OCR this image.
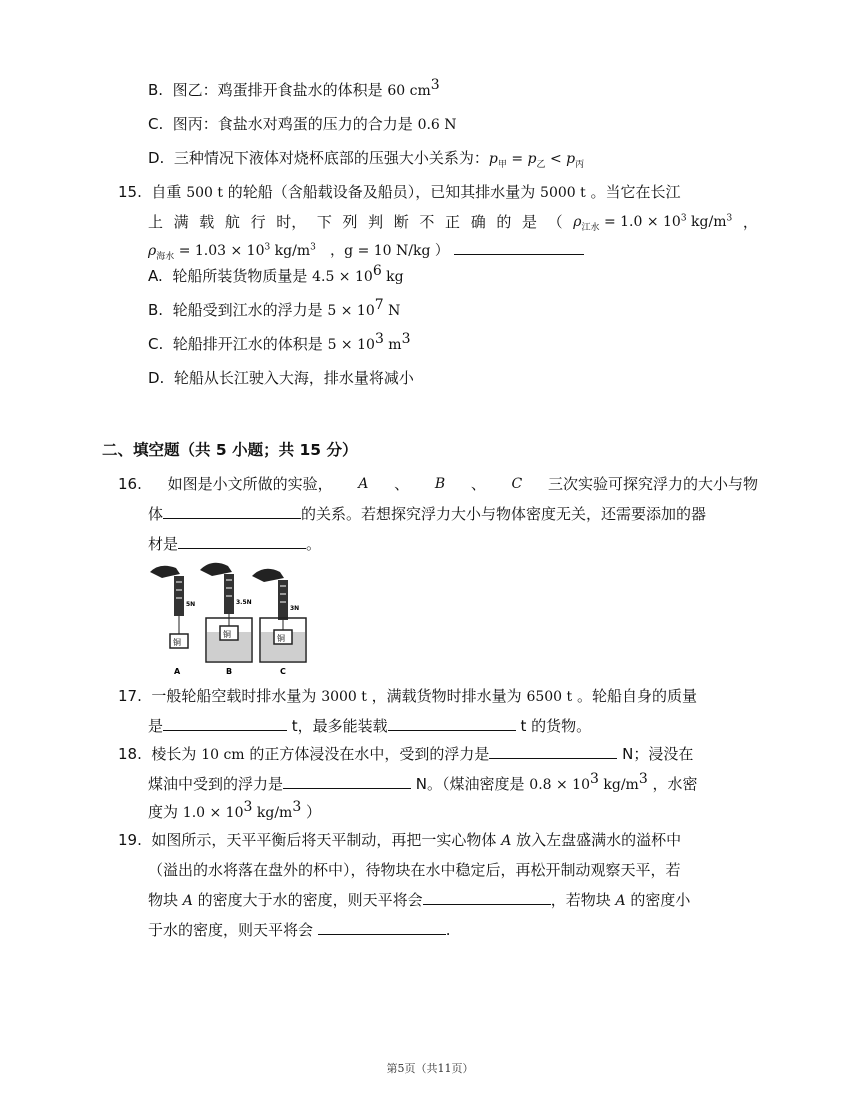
B. 图乙：鸡蛋排开食盐水的体积是 60 $cm^3$
C. 图丙：食盐水对鸡蛋的压力的合力是 0.6 N
D. 三种情况下液体对烧杯底部的压强大小关系为：$p_甲 = p_乙 < p_丙$
15. 自重 500 t 的轮船（含船载设备及船员），已知其排水量为 5000 t 。当它在长江
上 满 载 航 行 时， 下 列 判 断 不 正 确 的 是 （ $\rho_{江水} = 1.0 \times 10^3$ $kg/m^3$ ，
$\rho_{海水} = 1.03 \times 10^3$ $kg/m^3$ ，g = 10 N/kg ）
A. 轮船所装货物质量是 $4.5 \times 10^6$ kg
B. 轮船受到江水的浮力是 $5 \times 10^7$ N
C. 轮船排开江水的体积是 $5 \times 10^3$ $m^3$
D. 轮船从长江驶入大海，排水量将减小
二、填空题（共 5 小题；共 15 分）
16. 如图是小文所做的实验， A 、 B 、 C 三次实验可探究浮力的大小与物
体	的关系。若想探究浮力大小与物体密度无关，还需要添加的器
材是	。
5N	3.5N
3N
铜
铜	铜
A	B	C
17. 一般轮船空载时排水量为 3000 t ，满载货物时排水量为 6500 t 。轮船自身的质量
是	t，最多能装载	t 的货物。
18. 棱长为 10 cm 的正方体浸没在水中，受到的浮力是	N；浸没在
煤油中受到的浮力是	N。（煤油密度是 $0.8 \times 10^3$ $kg/m^3$ ，水密
度为 $1.0 \times 10^3$ $kg/m^3$ ）
19. 如图所示，天平平衡后将天平制动，再把一实心物体 A 放入左盘盛满水的溢杯中
（溢出的水将落在盘外的杯中），待物块在水中稳定后，再松开制动观察天平，若
物块 A 的密度大于水的密度，则天平将会	，若物块 A 的密度小
于水的密度，则天平将会	.
第5页（共11页）
